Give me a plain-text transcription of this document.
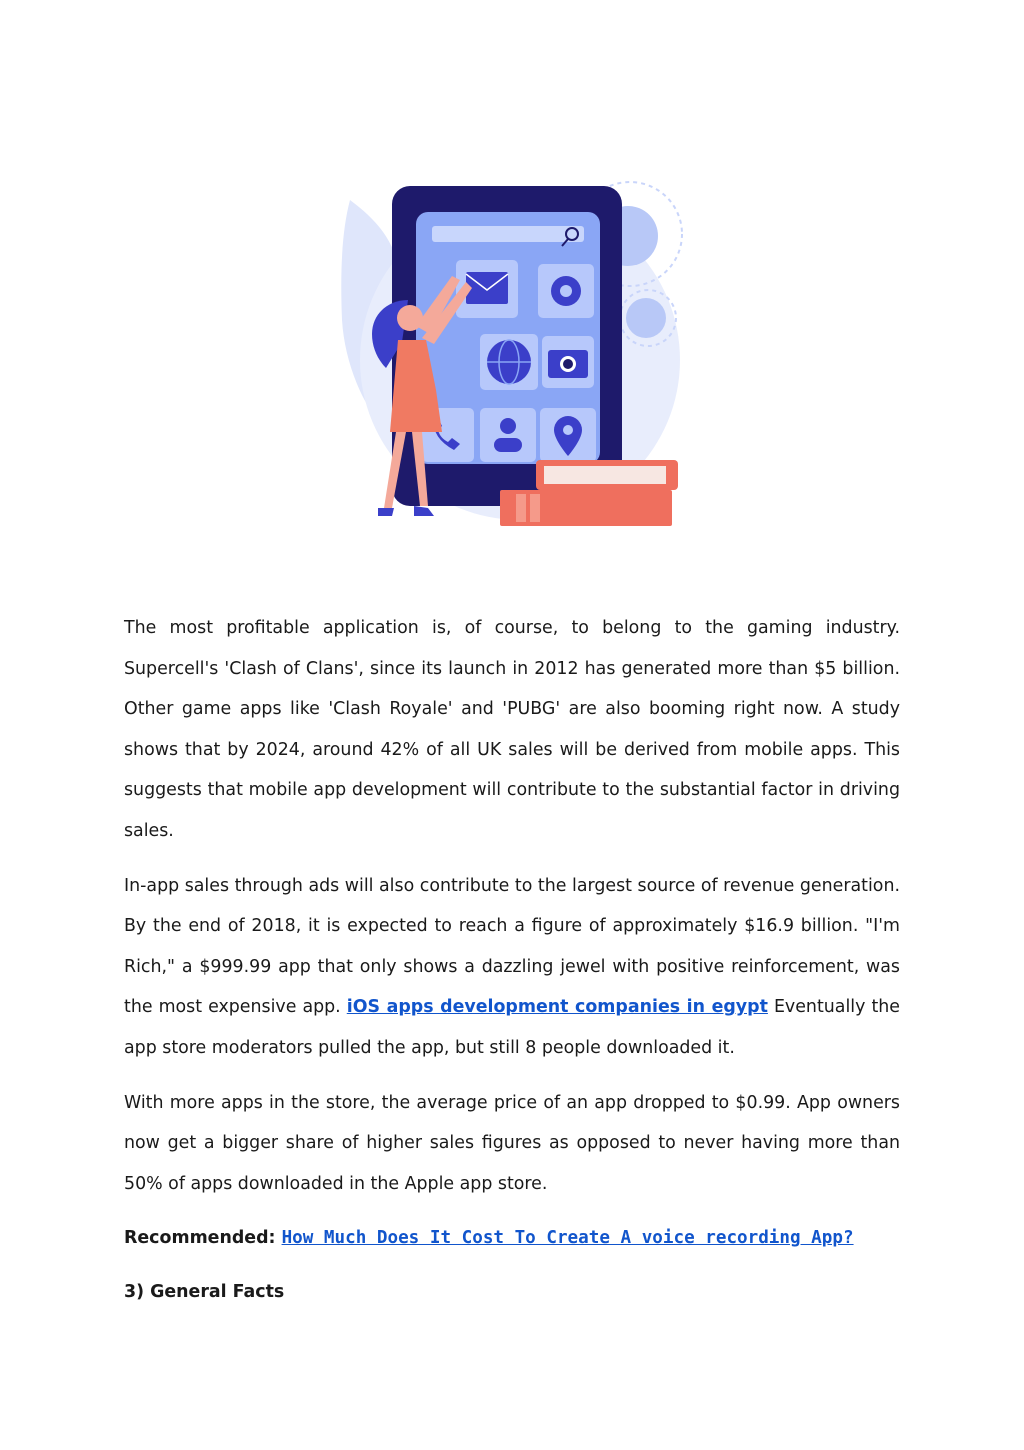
The most profitable application is, of course, to belong to the gaming industry. Supercell's 'Clash of Clans', since its launch in 2012 has generated more than $5 billion. Other game apps like 'Clash Royale' and 'PUBG' are also booming right now. A study shows that by 2024, around 42% of all UK sales will be derived from mobile apps. This suggests that mobile app development will contribute to the substantial factor in driving sales.

In-app sales through ads will also contribute to the largest source of revenue generation. By the end of 2018, it is expected to reach a figure of approximately $16.9 billion. "I'm Rich," a $999.99 app that only shows a dazzling jewel with positive reinforcement, was the most expensive app. iOS apps development companies in egypt Eventually the app store moderators pulled the app, but still 8 people downloaded it.

With more apps in the store, the average price of an app dropped to $0.99. App owners now get a bigger share of higher sales figures as opposed to never having more than 50% of apps downloaded in the Apple app store.

Recommended: How Much Does It Cost To Create A voice recording App?

3) General Facts
